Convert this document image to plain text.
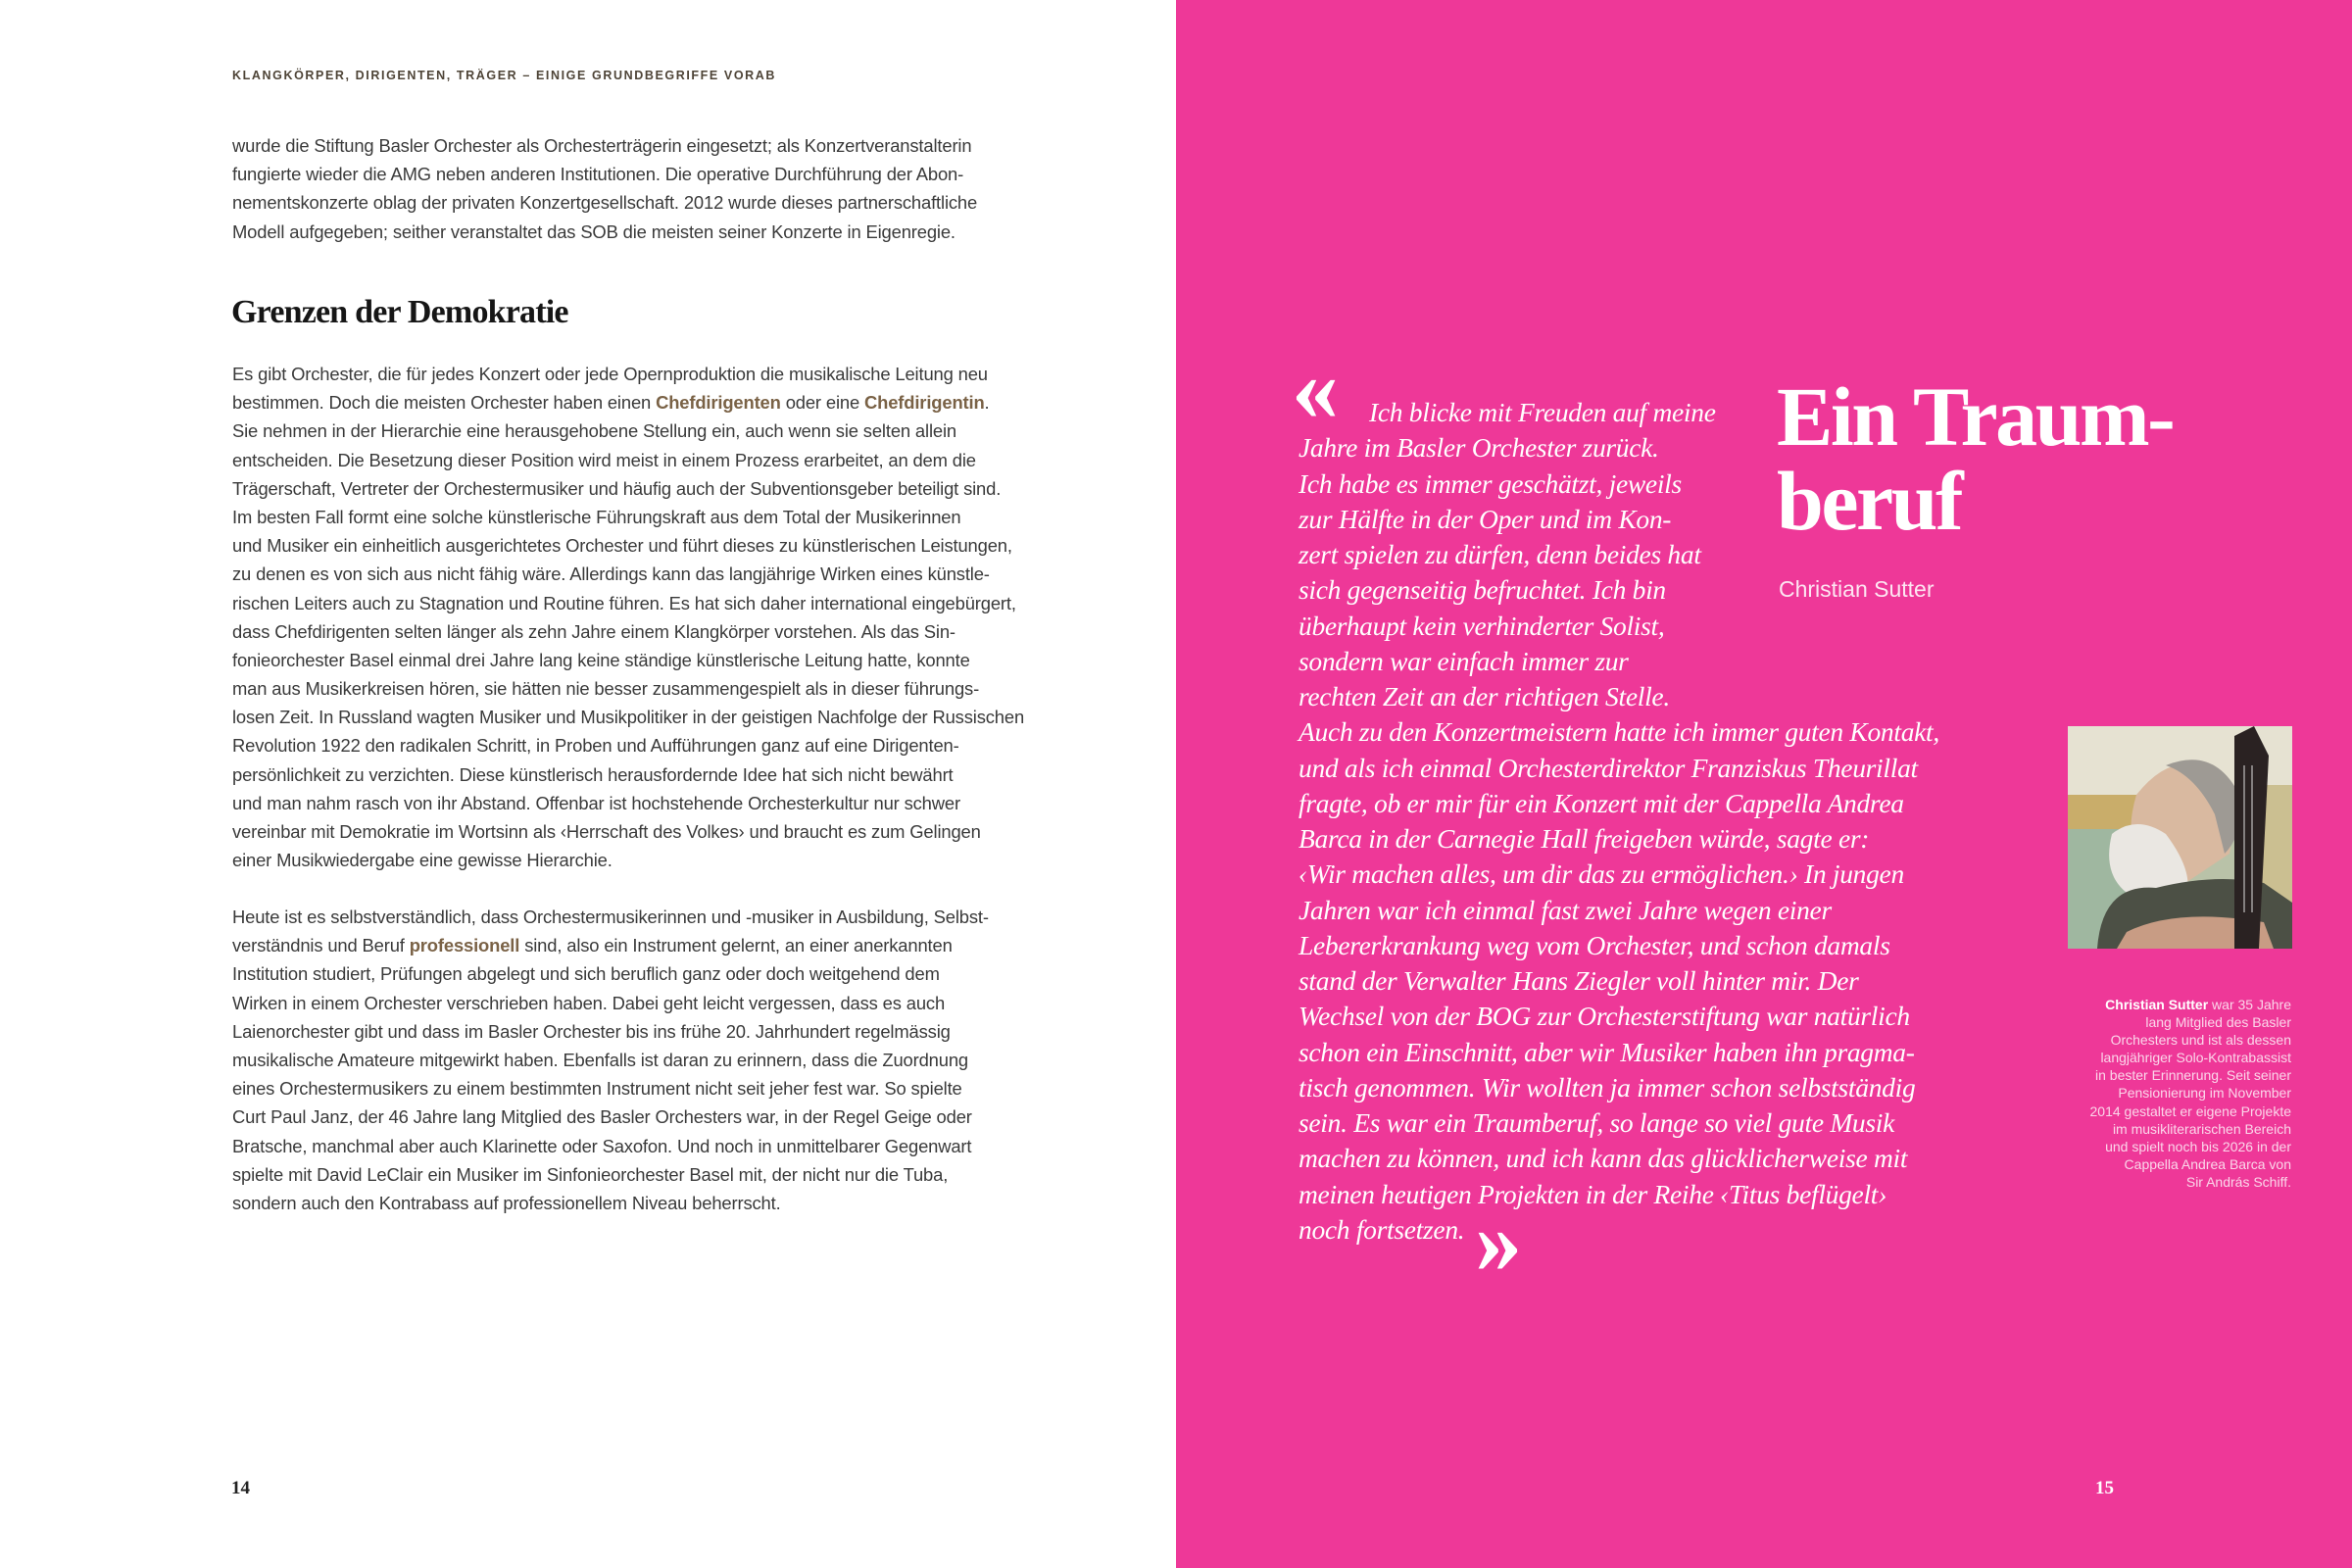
KLANGKÖRPER, DIRIGENTEN, TRÄGER – EINIGE GRUNDBEGRIFFE VORAB
wurde die Stiftung Basler Orchester als Orchesterträgerin eingesetzt; als Konzertveranstalterin
fungierte wieder die AMG neben anderen Institutionen. Die operative Durchführung der Abon-
nementskonzerte oblag der privaten Konzertgesellschaft. 2012 wurde dieses partnerschaftliche
Modell aufgegeben; seither veranstaltet das SOB die meisten seiner Konzerte in Eigenregie.
Grenzen der Demokratie
Es gibt Orchester, die für jedes Konzert oder jede Opernproduktion die musikalische Leitung neu
bestimmen. Doch die meisten Orchester haben einen Chefdirigenten oder eine Chefdirigentin.
Sie nehmen in der Hierarchie eine herausgehobene Stellung ein, auch wenn sie selten allein
entscheiden. Die Besetzung dieser Position wird meist in einem Prozess erarbeitet, an dem die
Trägerschaft, Vertreter der Orchestermusiker und häufig auch der Subventionsgeber beteiligt sind.
Im besten Fall formt eine solche künstlerische Führungskraft aus dem Total der Musikerinnen
und Musiker ein einheitlich ausgerichtetes Orchester und führt dieses zu künstlerischen Leistungen,
zu denen es von sich aus nicht fähig wäre. Allerdings kann das langjährige Wirken eines künstle-
rischen Leiters auch zu Stagnation und Routine führen. Es hat sich daher international eingebürgert,
dass Chefdirigenten selten länger als zehn Jahre einem Klangkörper vorstehen. Als das Sin-
fonieorchester Basel einmal drei Jahre lang keine ständige künstlerische Leitung hatte, konnte
man aus Musikerkreisen hören, sie hätten nie besser zusammengespielt als in dieser führungs-
losen Zeit. In Russland wagten Musiker und Musikpolitiker in der geistigen Nachfolge der Russischen
Revolution 1922 den radikalen Schritt, in Proben und Aufführungen ganz auf eine Dirigenten-
persönlichkeit zu verzichten. Diese künstlerisch herausfordernde Idee hat sich nicht bewährt
und man nahm rasch von ihr Abstand. Offenbar ist hochstehende Orchesterkultur nur schwer
vereinbar mit Demokratie im Wortsinn als ‹Herrschaft des Volkes› und braucht es zum Gelingen
einer Musikwiedergabe eine gewisse Hierarchie.
Heute ist es selbstverständlich, dass Orchestermusikerinnen und -musiker in Ausbildung, Selbst-
verständnis und Beruf professionell sind, also ein Instrument gelernt, an einer anerkannten
Institution studiert, Prüfungen abgelegt und sich beruflich ganz oder doch weitgehend dem
Wirken in einem Orchester verschrieben haben. Dabei geht leicht vergessen, dass es auch
Laienorchester gibt und dass im Basler Orchester bis ins frühe 20. Jahrhundert regelmässig
musikalische Amateure mitgewirkt haben. Ebenfalls ist daran zu erinnern, dass die Zuordnung
eines Orchestermusikers zu einem bestimmten Instrument nicht seit jeher fest war. So spielte
Curt Paul Janz, der 46 Jahre lang Mitglied des Basler Orchesters war, in der Regel Geige oder
Bratsche, manchmal aber auch Klarinette oder Saxofon. Und noch in unmittelbarer Gegenwart
spielte mit David LeClair ein Musiker im Sinfonieorchester Basel mit, der nicht nur die Tuba,
sondern auch den Kontrabass auf professionellem Niveau beherrscht.
14
«	Ich blicke mit Freuden auf meine
Jahre im Basler Orchester zurück.
Ich habe es immer geschätzt, jeweils
zur Hälfte in der Oper und im Kon-
zert spielen zu dürfen, denn beides hat
sich gegenseitig befruchtet. Ich bin
überhaupt kein verhinderter Solist,
sondern war einfach immer zur
rechten Zeit an der richtigen Stelle.
Auch zu den Konzertmeistern hatte ich immer guten Kontakt,
und als ich einmal Orchesterdirektor Franziskus Theurillat
fragte, ob er mir für ein Konzert mit der Cappella Andrea
Barca in der Carnegie Hall freigeben würde, sagte er:
‹Wir machen alles, um dir das zu ermöglichen.› In jungen
Jahren war ich einmal fast zwei Jahre wegen einer
Lebererkrankung weg vom Orchester, und schon damals
stand der Verwalter Hans Ziegler voll hinter mir. Der
Wechsel von der BOG zur Orchesterstiftung war natürlich
schon ein Einschnitt, aber wir Musiker haben ihn pragma-
tisch genommen. Wir wollten ja immer schon selbstständig
sein. Es war ein Traumberuf, so lange so viel gute Musik
machen zu können, und ich kann das glücklicherweise mit
meinen heutigen Projekten in der Reihe ‹Titus beflügelt›
noch fortsetzen. »
Ein Traum-
beruf
Christian Sutter
Christian Sutter war 35 Jahre
lang Mitglied des Basler
Orchesters und ist als dessen
langjähriger Solo-Kontrabassist
in bester Erinnerung. Seit seiner
Pensionierung im November
2014 gestaltet er eigene Projekte
im musikliterarischen Bereich
und spielt noch bis 2026 in der
Cappella Andrea Barca von
Sir András Schiff.
15
